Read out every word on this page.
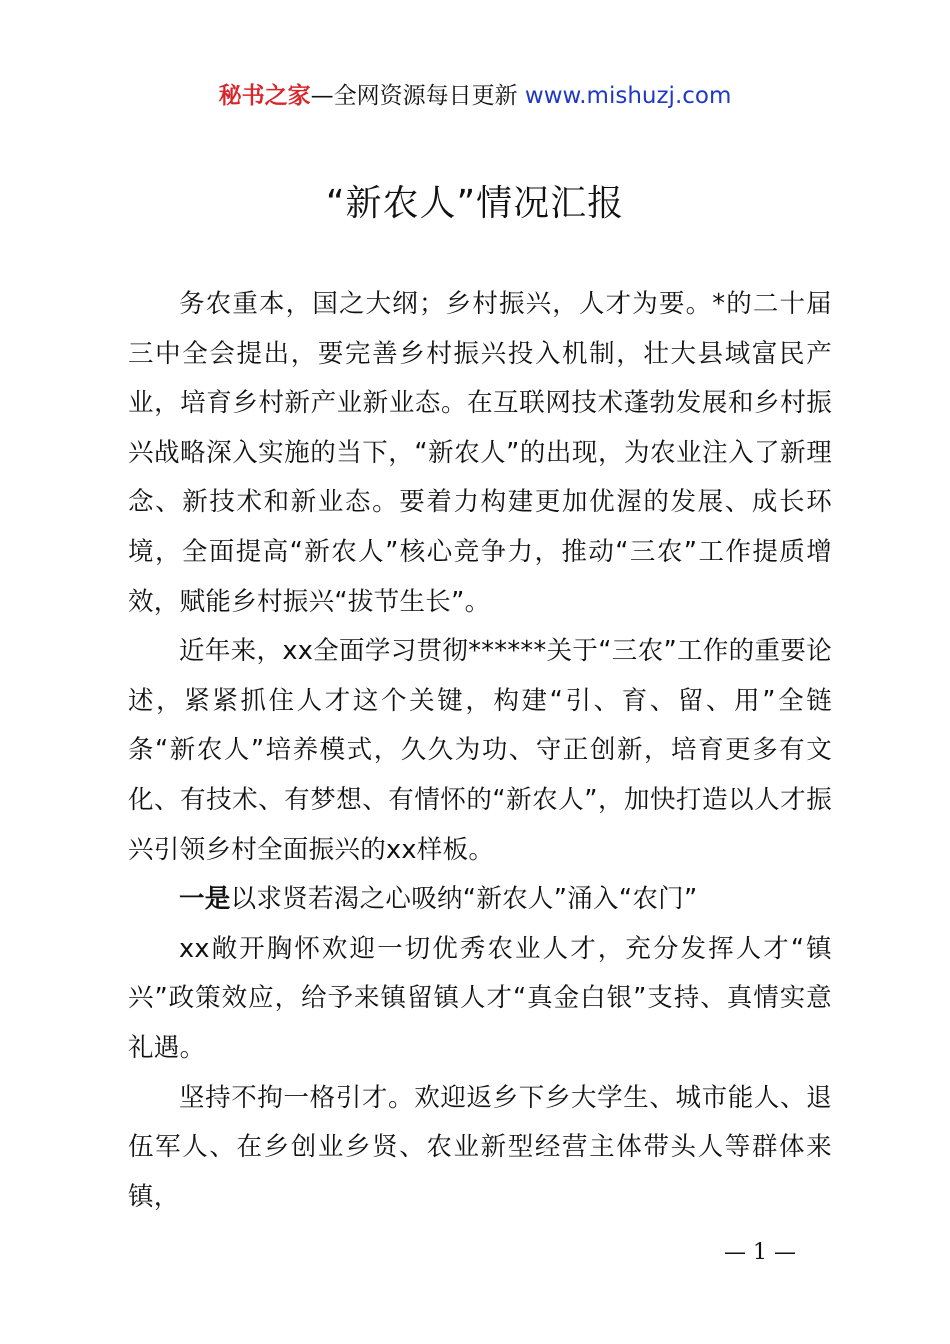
秘书之家—全网资源每日更新 www.mishuzj.com
“新农人”情况汇报

务农重本，国之大纲；乡村振兴，人才为要。*的二十届三中全会提出，要完善乡村振兴投入机制，壮大县域富民产业，培育乡村新产业新业态。在互联网技术蓬勃发展和乡村振兴战略深入实施的当下，“新农人”的出现，为农业注入了新理念、新技术和新业态。要着力构建更加优渥的发展、成长环境，全面提高“新农人”核心竞争力，推动“三农”工作提质增效，赋能乡村振兴“拔节生长”。

近年来，xx全面学习贯彻******关于“三农”工作的重要论述，紧紧抓住人才这个关键，构建“引、育、留、用”全链条“新农人”培养模式，久久为功、守正创新，培育更多有文化、有技术、有梦想、有情怀的“新农人”，加快打造以人才振兴引领乡村全面振兴的xx样板。

一是以求贤若渴之心吸纳“新农人”涌入“农门”

xx敞开胸怀欢迎一切优秀农业人才，充分发挥人才“镇兴”政策效应，给予来镇留镇人才“真金白银”支持、真情实意礼遇。

坚持不拘一格引才。欢迎返乡下乡大学生、城市能人、退伍军人、在乡创业乡贤、农业新型经营主体带头人等群体来镇，

— 1 —
